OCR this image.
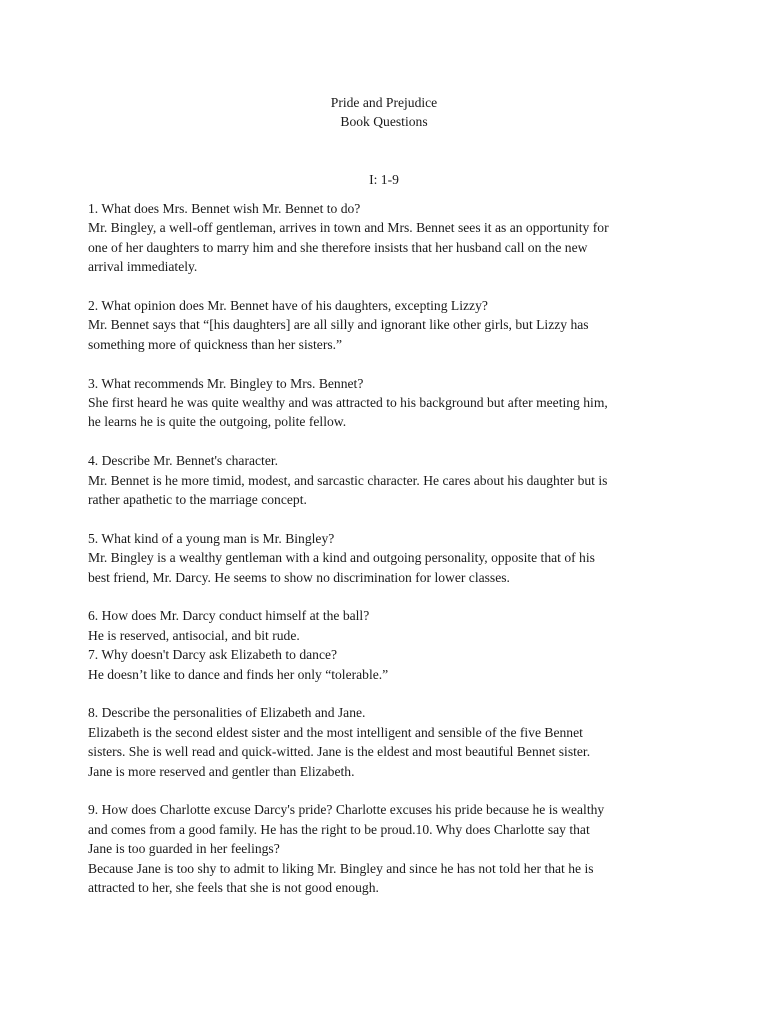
Pride and Prejudice
Book Questions
I: 1-9
1. What does Mrs. Bennet wish Mr. Bennet to do?
Mr. Bingley, a well-off gentleman, arrives in town and Mrs. Bennet sees it as an opportunity for
one of her daughters to marry him and she therefore insists that her husband call on the new
arrival immediately.
2. What opinion does Mr. Bennet have of his daughters, excepting Lizzy?
Mr. Bennet says that “[his daughters] are all silly and ignorant like other girls, but Lizzy has
something more of quickness than her sisters.”
3. What recommends Mr. Bingley to Mrs. Bennet?
She first heard he was quite wealthy and was attracted to his background but after meeting him,
he learns he is quite the outgoing, polite fellow.
4. Describe Mr. Bennet's character.
Mr. Bennet is he more timid, modest, and sarcastic character. He cares about his daughter but is
rather apathetic to the marriage concept.
5. What kind of a young man is Mr. Bingley?
Mr. Bingley is a wealthy gentleman with a kind and outgoing personality, opposite that of his
best friend, Mr. Darcy. He seems to show no discrimination for lower classes.
6. How does Mr. Darcy conduct himself at the ball?
He is reserved, antisocial, and bit rude.
7. Why doesn't Darcy ask Elizabeth to dance?
He doesn’t like to dance and finds her only “tolerable.”
8. Describe the personalities of Elizabeth and Jane.
Elizabeth is the second eldest sister and the most intelligent and sensible of the five Bennet
sisters. She is well read and quick-witted. Jane is the eldest and most beautiful Bennet sister.
Jane is more reserved and gentler than Elizabeth.
9. How does Charlotte excuse Darcy's pride? Charlotte excuses his pride because he is wealthy
and comes from a good family. He has the right to be proud.10. Why does Charlotte say that
Jane is too guarded in her feelings?
Because Jane is too shy to admit to liking Mr. Bingley and since he has not told her that he is
attracted to her, she feels that she is not good enough.
